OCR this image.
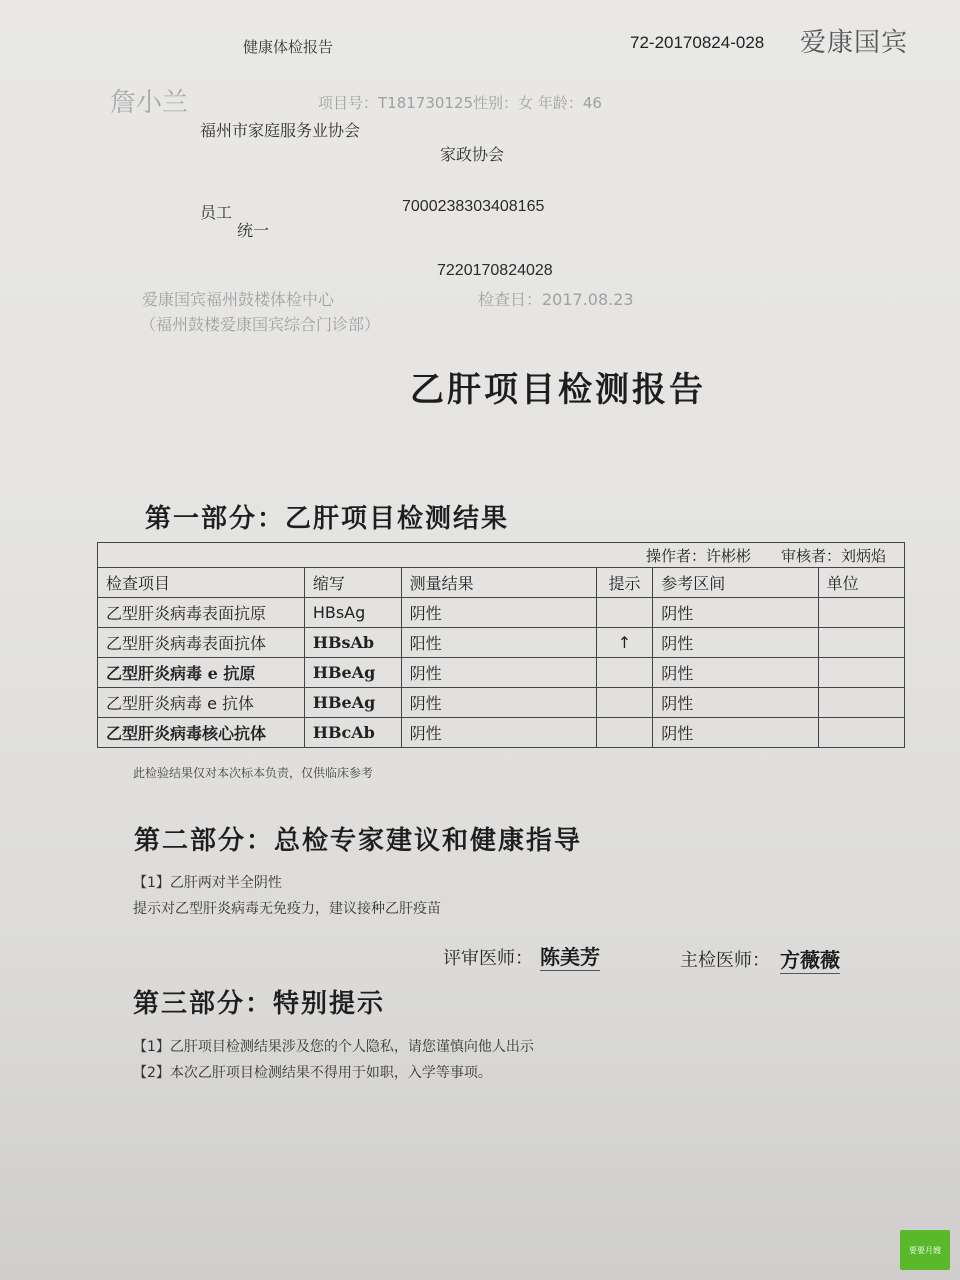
健康体检报告	72-20170824-028 爱康国宾
詹小兰	项目号：T181730125性别：女 年龄：46
福州市家庭服务业协会
家政协会
员工	7000238303408165
统一
7220170824028
爱康国宾福州鼓楼体检中心	检查日：2017.08.23
（福州鼓楼爱康国宾综合门诊部）
乙肝项目检测报告
第一部分：乙肝项目检测结果
操作者：许彬彬　　审核者：刘炳焰					
检查项目	缩写	测量结果	提示	参考区间	单位
乙型肝炎病毒表面抗原	HBsAg	阴性		阴性	
乙型肝炎病毒表面抗体	HBsAb	阳性	↑	阴性	
乙型肝炎病毒 e 抗原	HBeAg	阴性		阴性	
乙型肝炎病毒 e 抗体	HBeAg	阴性		阴性	
乙型肝炎病毒核心抗体	HBcAb	阴性		阴性	
此检验结果仅对本次标本负责，仅供临床参考
第二部分：总检专家建议和健康指导
【1】乙肝两对半全阴性
提示对乙型肝炎病毒无免疫力，建议接种乙肝疫苗
评审医师： 陈美芳	主检医师： 方薇薇
第三部分：特别提示
【1】乙肝项目检测结果涉及您的个人隐私，请您谨慎向他人出示
【2】本次乙肝项目检测结果不得用于如职，入学等事项。
要要月嫂
